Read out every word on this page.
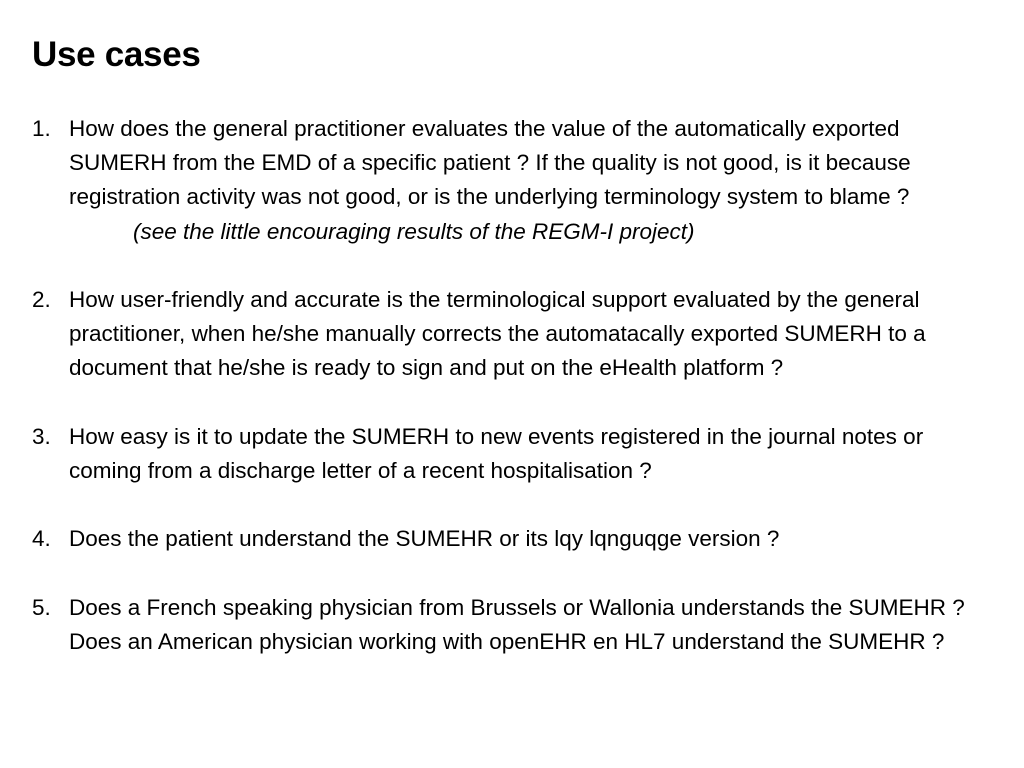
Use cases
1. How does the general practitioner evaluates the value of the automatically exported SUMERH from the EMD of a specific patient ? If the quality is not good, is it because registration activity was not good, or is the underlying terminology system to blame ?
(see the little encouraging results of the REGM-I project)
2. How user-friendly and accurate is the terminological support evaluated by the general practitioner, when he/she manually corrects the automatacally exported SUMERH to a document that he/she is ready to sign and put on the eHealth platform ?
3. How easy is it to update the SUMERH to new events registered in the journal notes or coming from a discharge letter of a recent hospitalisation ?
4. Does the patient understand the SUMEHR or its lqy lqnguqge version ?
5. Does a French speaking physician from Brussels or Wallonia understands the SUMEHR ? Does an American physician working with openEHR en HL7 understand the SUMEHR ?
